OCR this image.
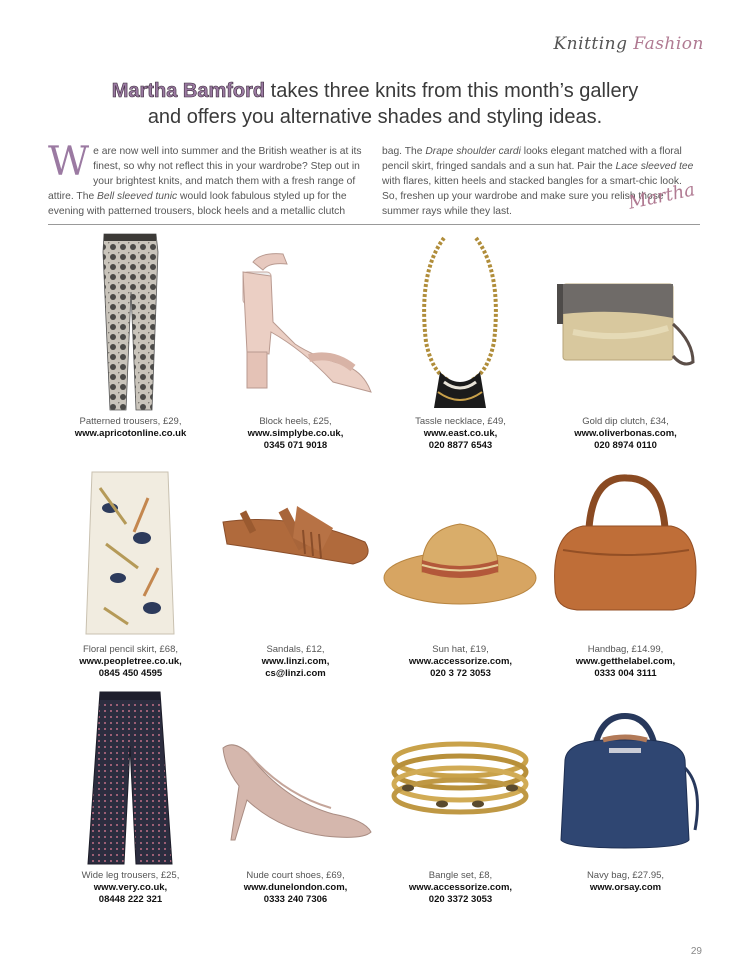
Knitting Fashion
Martha Bamford takes three knits from this month’s gallery
and offers you alternative shades and styling ideas.
We are now well into summer and the British weather is at its finest, so why not reflect this in your wardrobe? Step out in your brightest knits, and match them with a fresh range of attire. The Bell sleeved tunic would look fabulous styled up for the evening with patterned trousers, block heels and a metallic clutch
bag. The Drape shoulder cardi looks elegant matched with a floral pencil skirt, fringed sandals and a sun hat. Pair the Lace sleeved tee with flares, kitten heels and stacked bangles for a smart-chic look. So, freshen up your wardrobe and make sure you relish those summer rays while they last.	Martha
Patterned trousers, £29,
www.apricotonline.co.uk
Block heels, £25,
www.simplybe.co.uk,
0345 071 9018
Tassle necklace, £49,
www.east.co.uk,
020 8877 6543
Gold dip clutch, £34,
www.oliverbonas.com,
020 8974 0110
Floral pencil skirt, £68,
www.peopletree.co.uk,
0845 450 4595
Sandals, £12,
www.linzi.com,
cs@linzi.com
Sun hat, £19,
www.accessorize.com,
020 3 72 3053
Handbag, £14.99,
www.getthelabel.com,
0333 004 3111
Wide leg trousers, £25,
www.very.co.uk,
08448 222 321
Nude court shoes, £69,
www.dunelondon.com,
0333 240 7306
Bangle set, £8,
www.accessorize.com,
020 3372 3053
Navy bag, £27.95,
www.orsay.com
29
